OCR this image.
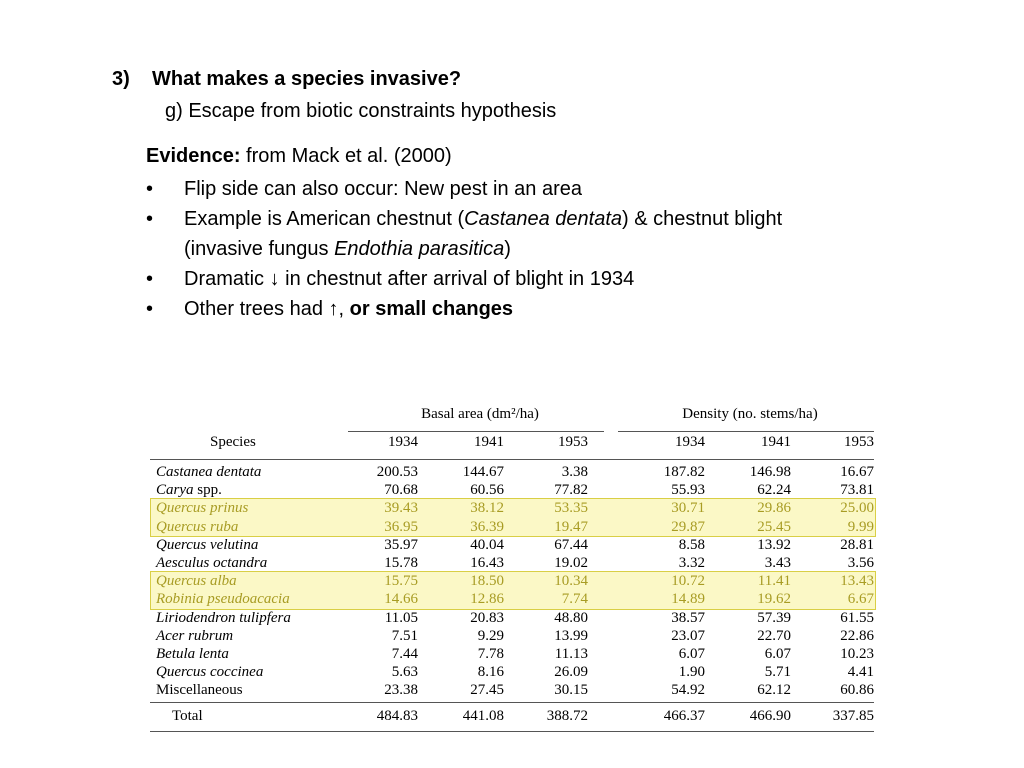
3) What makes a species invasive?
g) Escape from biotic constraints hypothesis
Evidence: from Mack et al. (2000)
•	Flip side can also occur: New pest in an area
•	Example is American chestnut (Castanea dentata) & chestnut blight
(invasive fungus Endothia parasitica)
•	Dramatic ↓ in chestnut after arrival of blight in 1934
•	Other trees had ↑, or small changes
Basal area (dm²/ha)	Density (no. stems/ha)
Species	1934	1941	1953	1934	1941	1953
Castanea dentata	200.53	144.67	3.38	187.82	146.98	16.67
Carya spp.	70.68	60.56	77.82	55.93	62.24	73.81
Quercus prinus	39.43	38.12	53.35	30.71	29.86	25.00
Quercus ruba	36.95	36.39	19.47	29.87	25.45	9.99
Quercus velutina	35.97	40.04	67.44	8.58	13.92	28.81
Aesculus octandra	15.78	16.43	19.02	3.32	3.43	3.56
Quercus alba	15.75	18.50	10.34	10.72	11.41	13.43
Robinia pseudoacacia	14.66	12.86	7.74	14.89	19.62	6.67
Liriodendron tulipfera	11.05	20.83	48.80	38.57	57.39	61.55
Acer rubrum	7.51	9.29	13.99	23.07	22.70	22.86
Betula lenta	7.44	7.78	11.13	6.07	6.07	10.23
Quercus coccinea	5.63	8.16	26.09	1.90	5.71	4.41
Miscellaneous	23.38	27.45	30.15	54.92	62.12	60.86
Total	484.83	441.08	388.72	466.37	466.90	337.85
